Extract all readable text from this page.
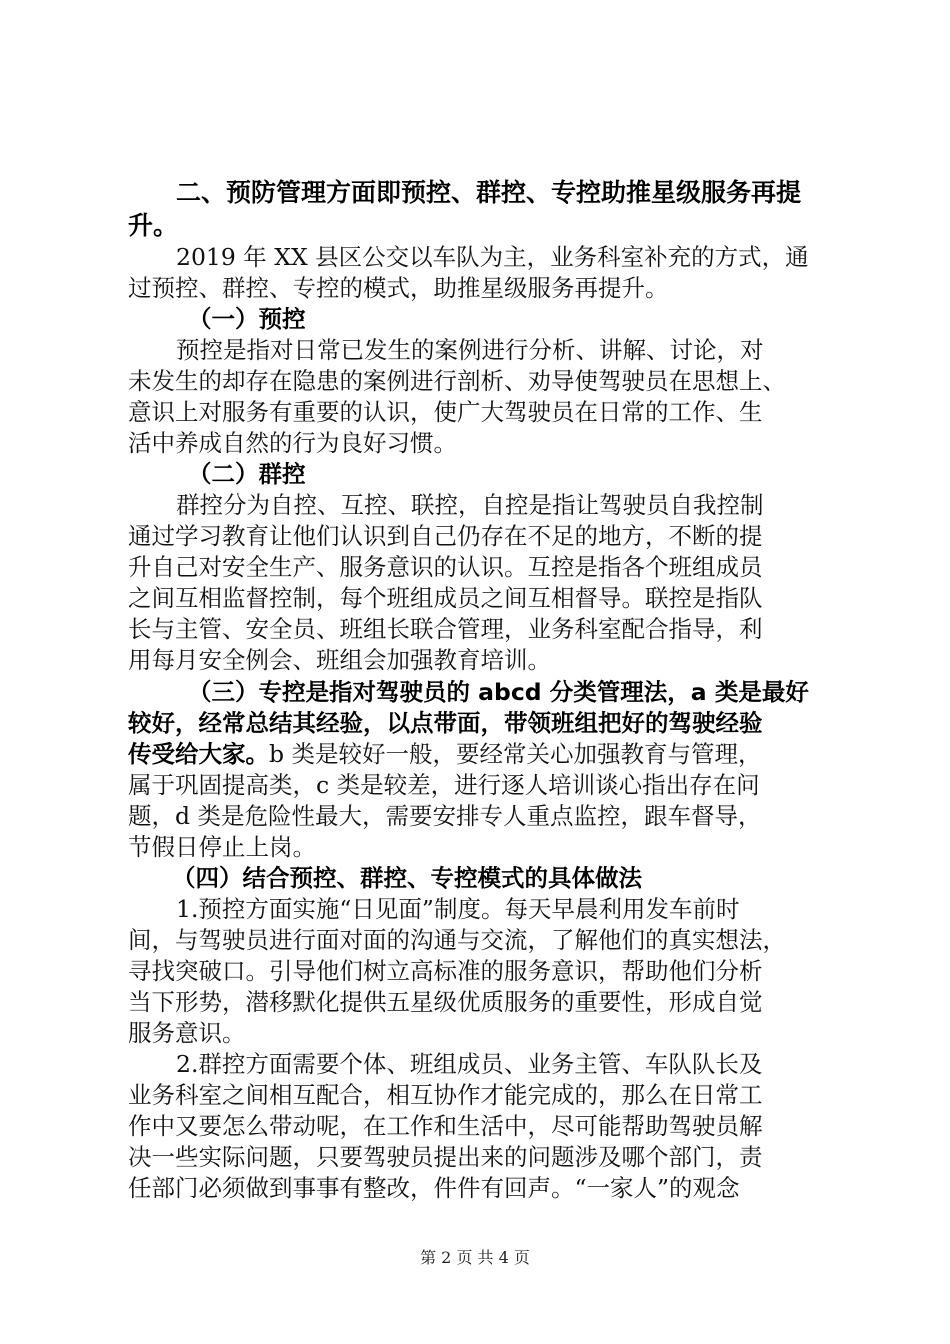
二、预防管理方面即预控、群控、专控助推星级服务再提
升。
2019 年 XX 县区公交以车队为主，业务科室补充的方式，通
过预控、群控、专控的模式，助推星级服务再提升。
（一）预控
预控是指对日常已发生的案例进行分析、讲解、讨论，对
未发生的却存在隐患的案例进行剖析、劝导使驾驶员在思想上、
意识上对服务有重要的认识，使广大驾驶员在日常的工作、生
活中养成自然的行为良好习惯。
（二）群控
群控分为自控、互控、联控，自控是指让驾驶员自我控制
通过学习教育让他们认识到自己仍存在不足的地方，不断的提
升自己对安全生产、服务意识的认识。互控是指各个班组成员
之间互相监督控制，每个班组成员之间互相督导。联控是指队
长与主管、安全员、班组长联合管理，业务科室配合指导，利
用每月安全例会、班组会加强教育培训。
（三）专控是指对驾驶员的 abcd 分类管理法，a 类是最好
较好，经常总结其经验，以点带面，带领班组把好的驾驶经验
传受给大家。b 类是较好一般，要经常关心加强教育与管理，
属于巩固提高类，c 类是较差，进行逐人培训谈心指出存在问
题，d 类是危险性最大，需要安排专人重点监控，跟车督导，
节假日停止上岗。
（四）结合预控、群控、专控模式的具体做法
1.预控方面实施“日见面”制度。每天早晨利用发车前时
间，与驾驶员进行面对面的沟通与交流，了解他们的真实想法，
寻找突破口。引导他们树立高标准的服务意识，帮助他们分析
当下形势，潜移默化提供五星级优质服务的重要性，形成自觉
服务意识。
2.群控方面需要个体、班组成员、业务主管、车队队长及
业务科室之间相互配合，相互协作才能完成的，那么在日常工
作中又要怎么带动呢，在工作和生活中，尽可能帮助驾驶员解
决一些实际问题，只要驾驶员提出来的问题涉及哪个部门，责
任部门必须做到事事有整改，件件有回声。“一家人”的观念
第 2 页 共 4 页
